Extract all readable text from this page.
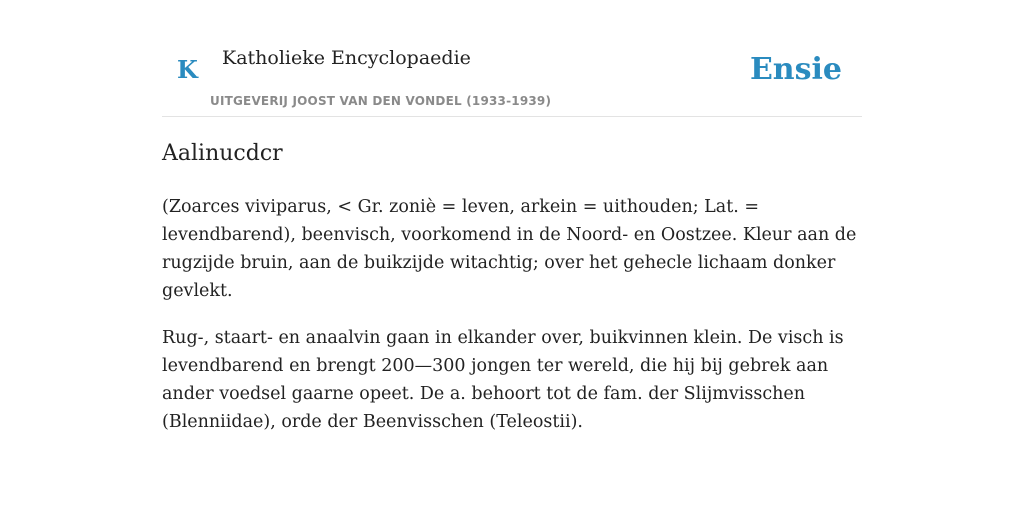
K Katholieke Encyclopaedie
UITGEVERIJ JOOST VAN DEN VONDEL (1933-1939)
Ensie
Aalinucdcr

(Zoarces viviparus, < Gr. zoniè = leven, arkein = uithouden; Lat. = levendbarend), beenvisch, voorkomend in de Noord- en Oostzee. Kleur aan de rugzijde bruin, aan de buikzijde witachtig; over het gehecle lichaam donker gevlekt.

Rug-, staart- en anaalvin gaan in elkander over, buikvinnen klein. De visch is levendbarend en brengt 200—300 jongen ter wereld, die hij bij gebrek aan ander voedsel gaarne opeet. De a. behoort tot de fam. der Slijmvisschen (Blenniidae), orde der Beenvisschen (Teleostii).
